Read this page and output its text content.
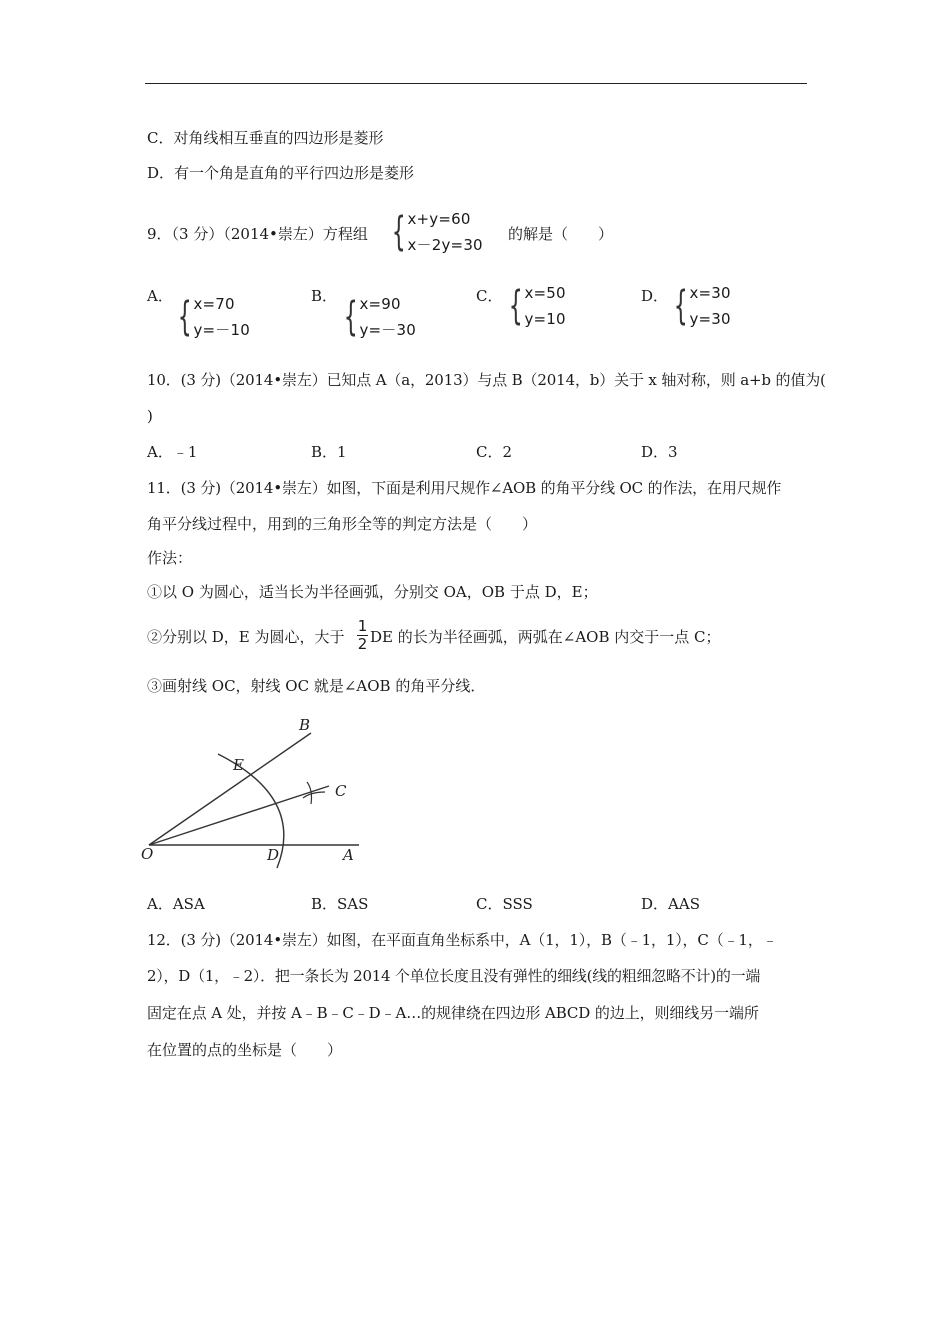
C．对角线相互垂直的四边形是菱形
D．有一个角是直角的平行四边形是菱形
9．（3 分）（2014•崇左）方程组 { x+y=60
x－2y=30
的解是（　　）
A． { x=70
y=－10
B． { x=90
y=－30
C． { x=50
y=10
D． { x=30
y=30
10．(3 分)（2014•崇左）已知点 A（a，2013）与点 B（2014，b）关于 x 轴对称，则 a+b 的值为(
)
A．﹣1	B．1	C．2	D．3
11．(3 分)（2014•崇左）如图，下面是利用尺规作∠AOB 的角平分线 OC 的作法，在用尺规作
角平分线过程中，用到的三角形全等的判定方法是（　　）
作法：
①以 O 为圆心，适当长为半径画弧，分别交 OA，OB 于点 D，E；
②分别以 D，E 为圆心，大于
1
2 DE 的长为半径画弧，两弧在∠AOB 内交于一点 C；
③画射线 OC，射线 OC 就是∠AOB 的角平分线．
O	A
B
C
D
E
A．ASA	B．SAS	C．SSS	D．AAS
12．(3 分)（2014•崇左）如图，在平面直角坐标系中，A（1，1），B（﹣1，1），C（﹣1，﹣
2），D（1，﹣2）．把一条长为 2014 个单位长度且没有弹性的细线(线的粗细忽略不计)的一端
固定在点 A 处，并按 A﹣B﹣C﹣D﹣A…的规律绕在四边形 ABCD 的边上，则细线另一端所
在位置的点的坐标是（　　）
